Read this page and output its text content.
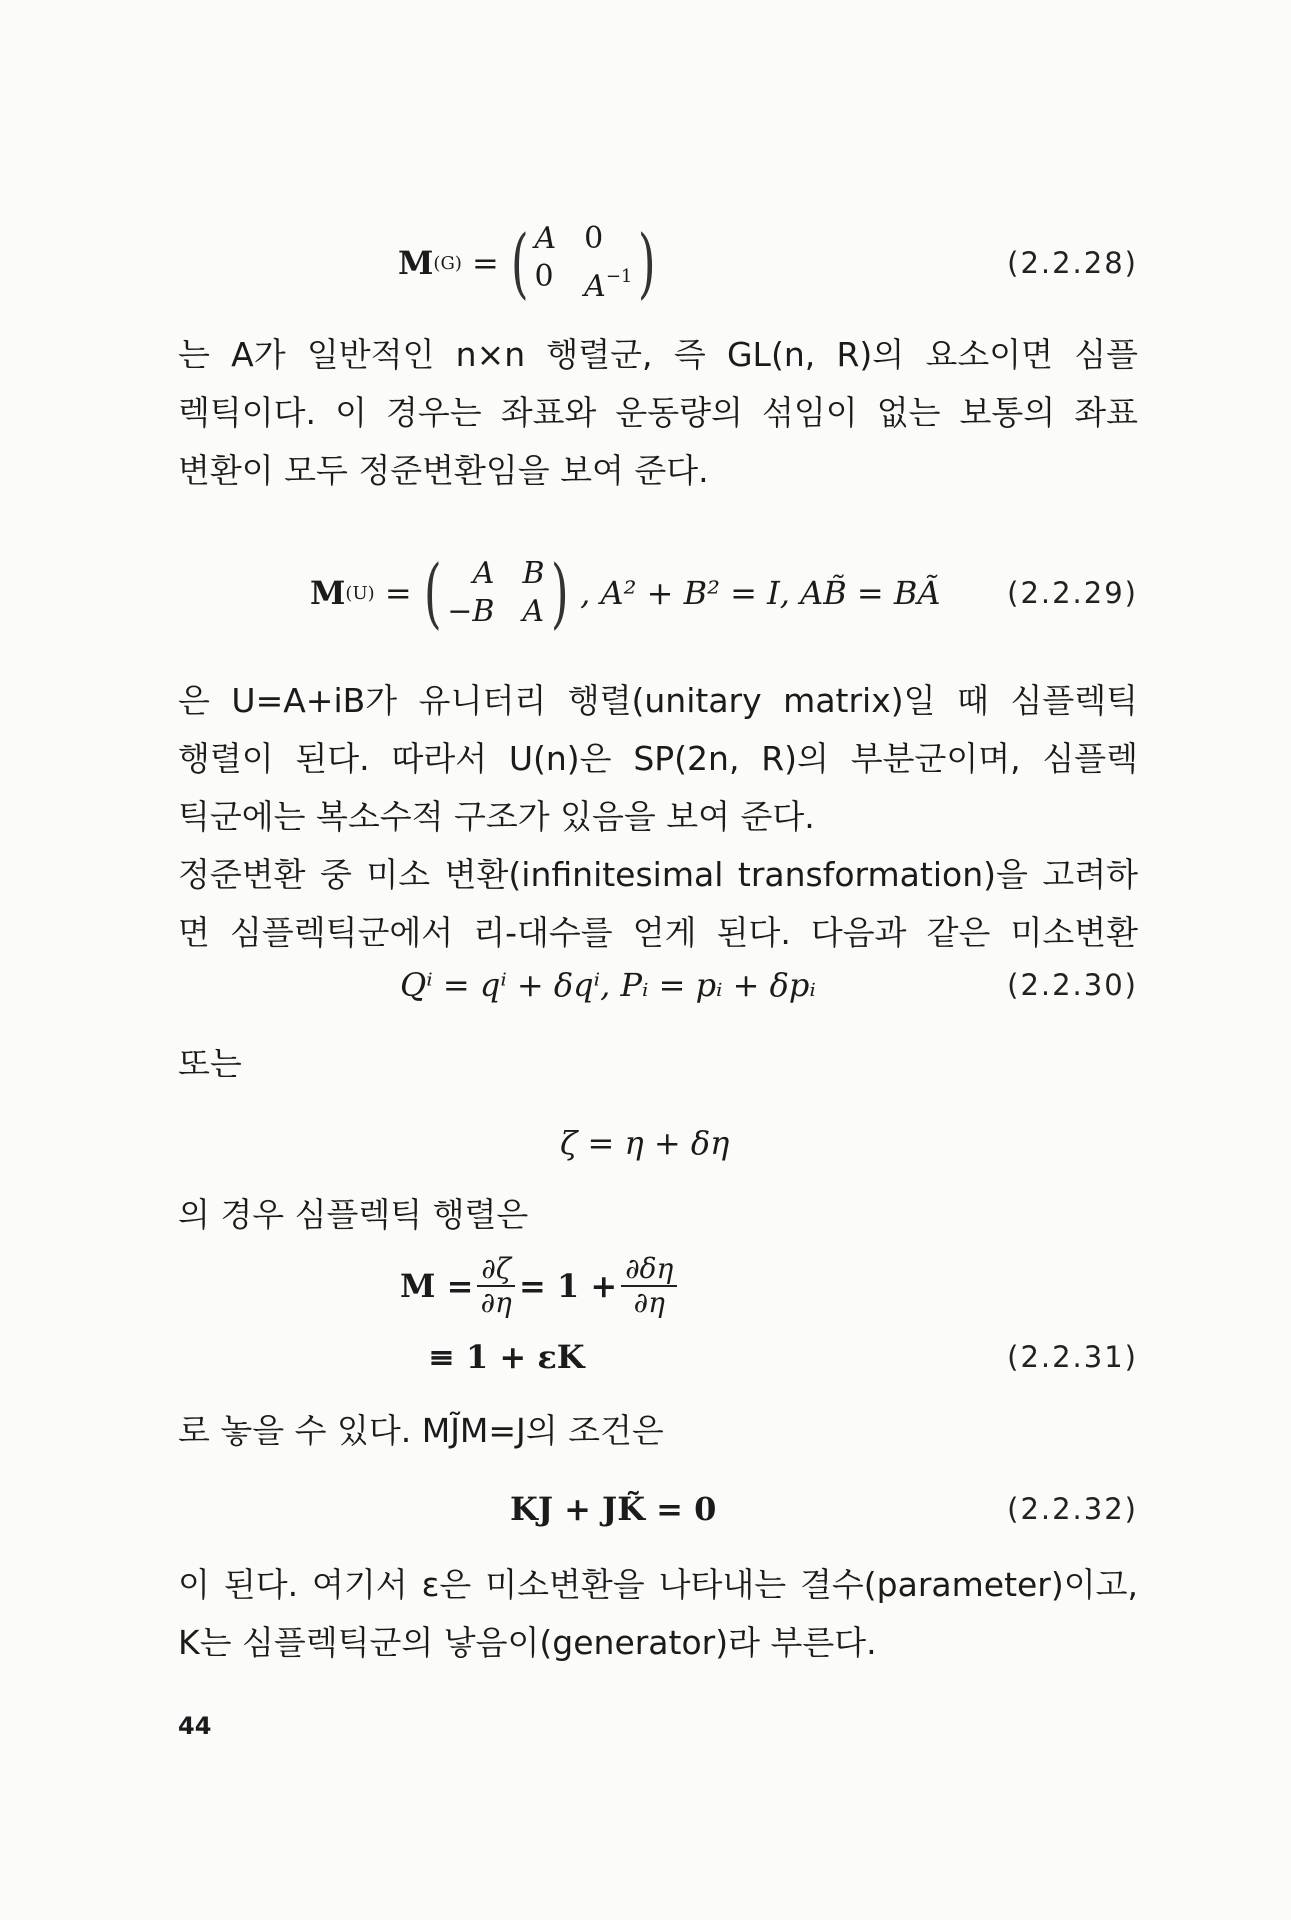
M (G) = ( A 0
0 $A^{-1}$ )	(2.2.28)
는 A가 일반적인 n×n 행렬군, 즉 GL(n, R)의 요소이면 심플
렉틱이다. 이 경우는 좌표와 운동량의 섞임이 없는 보통의 좌표
변환이 모두 정준변환임을 보여 준다.
M (U) = (	A B
−B A ) , A² + B² = I, AB̃ = BÃ (2.2.29)
은 U=A+iB가 유니터리 행렬(unitary matrix)일 때 심플렉틱
행렬이 된다. 따라서 U(n)은 SP(2n, R)의 부분군이며, 심플렉
틱군에는 복소수적 구조가 있음을 보여 준다.
정준변환 중 미소 변환(infinitesimal transformation)을 고려하
면 심플렉틱군에서 리-대수를 얻게 된다. 다음과 같은 미소변환
Qⁱ = qⁱ + δqⁱ, Pᵢ = pᵢ + δpᵢ	(2.2.30)
또는
ζ = η + δη
의 경우 심플렉틱 행렬은
$M = \frac{\partial\zeta}{\partial\eta} = 1 + \frac{\partial\delta\eta}{\partial\eta}$
≡ 1 + εK	(2.2.31)
로 놓을 수 있다. MJ̃M=J의 조건은
KJ + JK̃ = 0	(2.2.32)
이 된다. 여기서 ε은 미소변환을 나타내는 결수(parameter)이고,
K는 심플렉틱군의 낳음이(generator)라 부른다.
44
